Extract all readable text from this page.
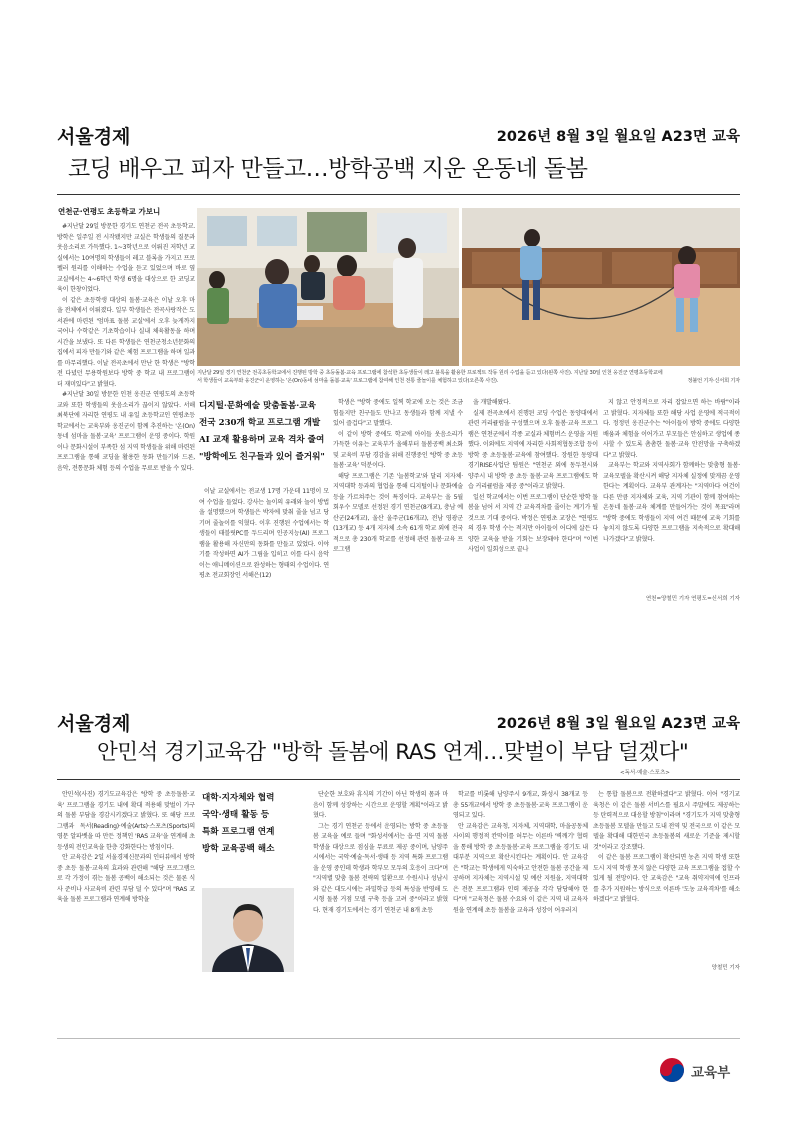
서울경제	2026년 8월 3일 월요일 A23면 교육
코딩 배우고 피자 만들고…방학공백 지운 온동네 돌봄
연천군·연평도 초등학교 가보니

#지난달 29일 방문한 경기도 연천군 전곡 초등학교. 방학은 일주일 전 시작됐지만 교실은 학생들의 질문과 웃음소리로 가득했다. 1~3학년으로 이뤄진 저학년 교실에서는 10여명의 학생들이 레고 블록을 가지고 프로펠러 원리를 이해하는 수업을 듣고 있었으며 바로 옆 교실에서는 4~6학년 학생 6명을 대상으로 한 코딩교육이 한창이었다.

이 같은 초등학생 대상의 돌봄·교육은 이날 오후 마을 전체에서 이뤄졌다. 일부 학생들은 전곡사랑작은 도서관에 마련된 '엄마표 돌봄 교실'에서 오후 늦게까지 국어나 수학같은 기초학습이나 실내 체육활동을 하며 시간을 보냈다. 또 다른 학생들은 연천군청소년문화의 집에서 피자 만들기와 같은 체험 프로그램을 하며 일과를 마무리했다. 이날 전곡초에서 만난 한 학생은 "방학 전 다녔던 무용학원보다 방학 중 학교 내 프로그램이 더 재미있다"고 밝혔다.

#지난달 30일 방문한 인천 옹진군 연평도의 초등학교와 또한 학생들의 웃음소리가 끊이지 않았다. 서해 최북단에 자리한 연평도 내 유일 초등학교인 연평초등학교에서는 교육부와 옹진군이 함께 추진하는 '온(On)동네 섬마을 돌봄·교육' 프로그램이 운영 중이다. 학원이나 문화시설이 부족한 섬 지역 학생들을 위해 마련된 프로그램을 통해 코딩을 활용한 동화 만들기와 드론, 음악, 전통문화 체험 등의 수업을 무료로 받을 수 있다.

지난달 29일 경기 연천군 전곡초등학교에서 진행된 방학 중 초등돌봄·교육 프로그램에 참석한 초등생들이 레고 블록을 활용한 프로젝트 작동 원리 수업을 듣고 있다(왼쪽 사진). 지난달 30일 인천 옹진군 연평초등학교에서 학생들이 교육부와 옹진군이 운영하는 '온(On)동네 섬마을 돌봄·교육' 프로그램에 참여해 인천 전통 줄놀이를 체험하고 있다(오른쪽 사진).	정불언 기자·신서희 기자
디지털·문화예술 맞춤돌봄·교육
전국 230개 학교 프로그램 개발
AI 교재 활용하며 교육 격차 줄여
"방학에도 친구들과 있어 즐거워"

이날 교실에서는 전교생 17명 가운데 11명이 모여 수업을 들었다. 강사는 놀이의 유래와 놀이 방법을 설명했으며 학생들은 박자에 맞춰 줄을 넘고 당기며 줄놀이를 익혔다. 이후 진행된 수업에서는 학생들이 태블릿PC를 두드리며 인공지능(AI) 프로그램을 활용해 자신만의 동화를 만들고 있었다. 이야기를 작성하면 AI가 그림을 입히고 이를 다시 음악이는 애니메이션으로 완성하는 형태의 수업이다. 연평초 전교회장인 서해은(12)

학생은 "방학 중에도 일찍 학교에 오는 것은 조금 힘들지만 친구들도 만나고 동생들과 함께 지낼 수 있어 즐겁다"고 말했다.

이 같이 방학 중에도 학교에 아이들 웃음소리가 가득한 이유는 교육부가 올해부터 돌봄공백 최소화 및 교육비 부담 경감을 위해 진행중인 '방학 중 초등돌봄·교육' 덕분이다.

해당 프로그램은 기존 '늘봄학교'와 달리 지자체·지역대학 등과의 협업을 통해 디지털이나 문화예술 등을 가르쳐주는 것이 특징이다. 교육부는 올 5월 회우수 모델로 선정된 경기 연천군(8개교), 충남 예산군(24개교), 울산 울주군(16개교), 전남 영광군(13개교) 등 4개 지자체 소속 61개 학교 외에 전국적으로 총 230개 학교를 선정해 관련 돌봄·교육 프로그램

을 개발해왔다.

실제 전곡초에서 진행된 코딩 수업은 동양대에서 관련 커리큘럼을 구성했으며 오후 돌봄·교육 프로그램은 연천군에서 각종 교실과 체험버스 운영을 지원했다. 이외에도 지역에 자리한 사회적협동조합 등이 방학 중 초등돌봄·교육에 참여했다. 장원한 동양대 경기RISE사업단 팀원은 "연천군 외에 동두천시와 양주시 내 방학 중 초등 돌봄·교육 프로그램에도 학습 커리큘럼을 제공 중"이라고 밝혔다.

일선 학교에서는 이번 프로그램이 단순한 방학 돌봄을 넘어 서 지역 간 교육격차를 줄이는 계기가 될 것으로 기대 중이다. 박정은 연평초 교장은 "연평도의 경우 학생 수는 적지만 아이들이 어디에 살든 다양한 교육을 받을 기회는 보장돼야 한다"며 "이번 사업이 일회성으로 끝나

지 않고 안정적으로 자리 잡았으면 하는 바람"이라고 밝혔다. 지자체들 또한 해당 사업 운영에 적극적이다. 정정민 옹진군수는 "아이들이 방학 중에도 다양한 배움과 체험을 이어가고 부모들은 안심하고 생업에 종사할 수 있도록 촘촘한 돌봄·교육 안전망을 구축하겠다"고 밝혔다.

교육부는 학교와 지역사회가 함께하는 맞춤형 돌봄·교육모델을 확산시켜 해당 지자체 실정에 맞게끔 운영한다는 계획이다. 교육부 관계자는 "지역마다 여건이 다른 만큼 지자체와 교육, 지역 기관이 함께 참여하는 온동네 돌봄·교육 체계를 만들어가는 것이 목표"라며 "방학 중에도 학생들이 지역 여건 때문에 교육 기회를 놓치지 않도록 다양한 프로그램을 지속적으로 확대해 나가겠다"고 밝혔다.

연천=양철민 기자 연평도=신서희 기자
서울경제	2026년 8월 3일 월요일 A23면 교육
안민석 경기교육감 "방학 돌봄에 RAS 연계…맞벌이 부담 덜겠다"
<독서·예술·스포츠>

안민석(사진) 경기도교육감은 '방학 중 초등돌봄·교육' 프로그램을 경기도 내에 확대 적용해 맞벌이 가구의 돌봄 부담을 경감시키겠다고 밝혔다. 또 해당 프로그램과 독서(Reading)·예술(Arts)·스포츠(Sports)의 영문 알파벳을 따 만든 정책인 'RAS 교육'을 연계해 초등생의 전인교육을 한층 강화한다는 방침이다.

안 교육감은 2일 서울경제신문과의 인터뷰에서 방학 중 초등 돌봄·교육의 효과와 관련해 "해당 프로그램으로 각 가정이 겪는 돌봄 공백이 해소되는 것은 물론 식사 준비나 사교육비 관련 부담 덜 수 있다"며 "RAS 교육을 돌봄 프로그램과 연계해 방학을

대학·지자체와 협력
국악·생태 활동 등
특화 프로그램 연계
방학 교육공백 해소

단순한 보호와 휴식의 기간이 아닌 학생의 몸과 마음이 함께 성장하는 시간으로 운영할 계획"이라고 밝혔다.

그는 경기 연천군 등에서 운영되는 방학 중 초등돌봄 교육을 예로 들며 "화성서에서는 읍·면 지역 돌봄 학생을 대상으로 점심을 무료로 제공 중이며, 남양주시에서는 국악·예술·독서·생태 등 지역 특화 프로그램을 운영 중인데 학생과 학부모 모두의 호응이 크다"며 "지역별 맞춤 돌봄 전략의 일환으로 수원시나 성남시와 같은 대도시에는 과밀학급 등의 특성을 반영해 도시형 돌봄 거점 모델 구축 등을 고려 중"이라고 밝혔다. 현재 경기도에서는 경기 연천군 내 8개 초등

학교를 비롯해 남양주시 9개교, 화성시 38개교 등 총 55개교에서 방학 중 초등돌봄·교육 프로그램이 운영되고 있다.

안 교육감은 교육청, 지자체, 지역대학, 마을공동체 사이의 행정적 칸막이를 허무는 이른바 '벽깨기' 협력을 통해 방학 중 초등돌봄·교육 프로그램을 경기도 내 대부분 지역으로 확산시킨다는 계획이다. 안 교육감은 "학교는 학생에게 익숙하고 안전한 돌봄 공간을 제공하며 지자체는 지역시설 및 예산 지원을, 지역대학은 전문 프로그램과 인력 제공을 각각 담당해야 한다"며 "교육청은 돌봄 수요와 이 같은 지역 내 교육자원을 연계해 초등 돌봄을 교육과 성장이 어우러지

는 통합 돌봄으로 전환하겠다"고 밝혔다. 이어 "경기교육청은 이 같은 돌봄 서비스를 필요시 주말에도 제공하는 등 탄력적으로 대응할 방침"이라며 "경기도가 지역 맞춤형 초등돌봄 모델을 만들고 도내 전역 및 전국으로 이 같은 모델을 확대해 대한민국 초등돌봄의 새로운 기준을 제시할 것"이라고 강조했다.

이 같은 돌봄 프로그램이 확산되면 농촌 지역 학생 또한 도시 지역 학생 못지 않은 다양한 교육 프로그램을 접할 수 있게 될 전망이다. 안 교육감은 "교육 취약지역에 인프라를 추가 지원하는 방식으로 이른바 '도농 교육격차'를 해소하겠다"고 밝혔다.

양철민 기자
교육부
